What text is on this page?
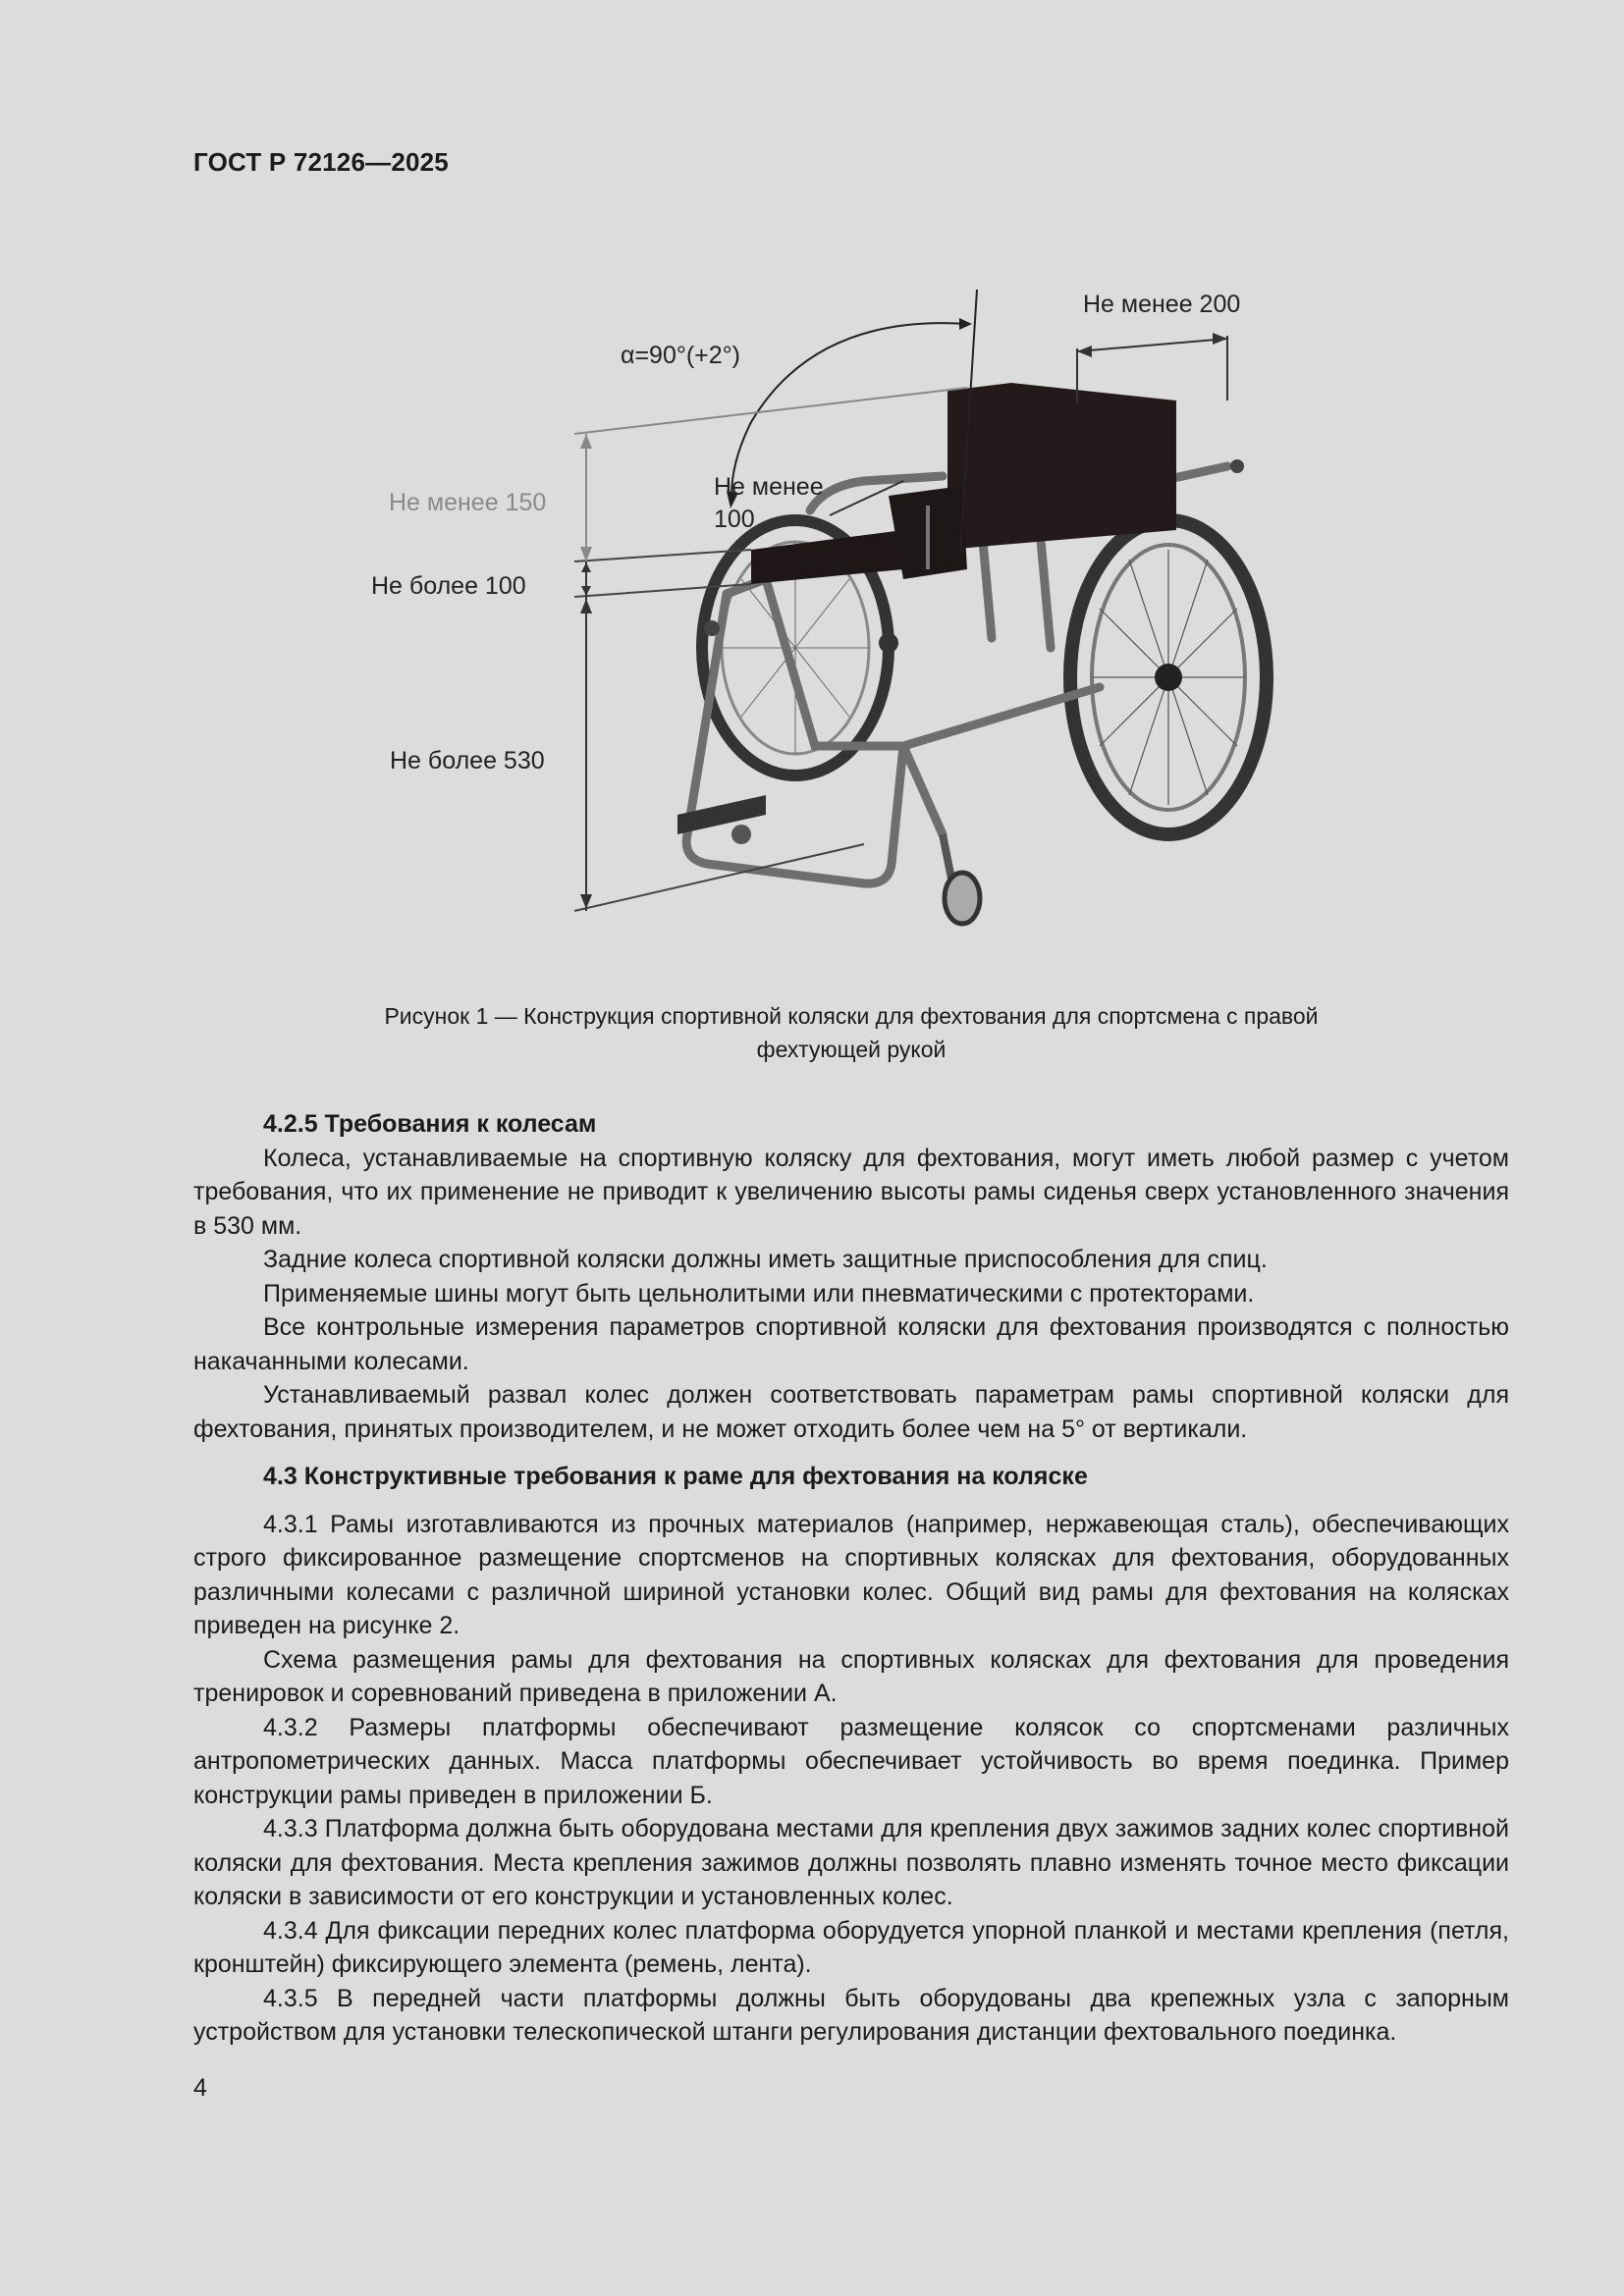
ГОСТ Р 72126—2025
α=90°(+2°)
Не менее 200
Не менее
100
Не менее 150
Не более 100
Не более 530
Рисунок 1 — Конструкция спортивной коляски для фехтования для спортсмена с правой
фехтующей рукой
4.2.5 Требования к колесам

Колеса, устанавливаемые на спортивную коляску для фехтования, могут иметь любой размер с учетом требования, что их применение не приводит к увеличению высоты рамы сиденья сверх установленного значения в 530 мм.

Задние колеса спортивной коляски должны иметь защитные приспособления для спиц.

Применяемые шины могут быть цельнолитыми или пневматическими с протекторами.

Все контрольные измерения параметров спортивной коляски для фехтования производятся с полностью накачанными колесами.

Устанавливаемый развал колес должен соответствовать параметрам рамы спортивной коляски для фехтования, принятых производителем, и не может отходить более чем на 5° от вертикали.

4.3 Конструктивные требования к раме для фехтования на коляске

4.3.1 Рамы изготавливаются из прочных материалов (например, нержавеющая сталь), обеспечивающих строго фиксированное размещение спортсменов на спортивных колясках для фехтования, оборудованных различными колесами с различной шириной установки колес. Общий вид рамы для фехтования на колясках приведен на рисунке 2.

Схема размещения рамы для фехтования на спортивных колясках для фехтования для проведения тренировок и соревнований приведена в приложении А.

4.3.2 Размеры платформы обеспечивают размещение колясок со спортсменами различных антропометрических данных. Масса платформы обеспечивает устойчивость во время поединка. Пример конструкции рамы приведен в приложении Б.

4.3.3 Платформа должна быть оборудована местами для крепления двух зажимов задних колес спортивной коляски для фехтования. Места крепления зажимов должны позволять плавно изменять точное место фиксации коляски в зависимости от его конструкции и установленных колес.

4.3.4 Для фиксации передних колес платформа оборудуется упорной планкой и местами крепления (петля, кронштейн) фиксирующего элемента (ремень, лента).

4.3.5 В передней части платформы должны быть оборудованы два крепежных узла с запорным устройством для установки телескопической штанги регулирования дистанции фехтовального поединка.

4
